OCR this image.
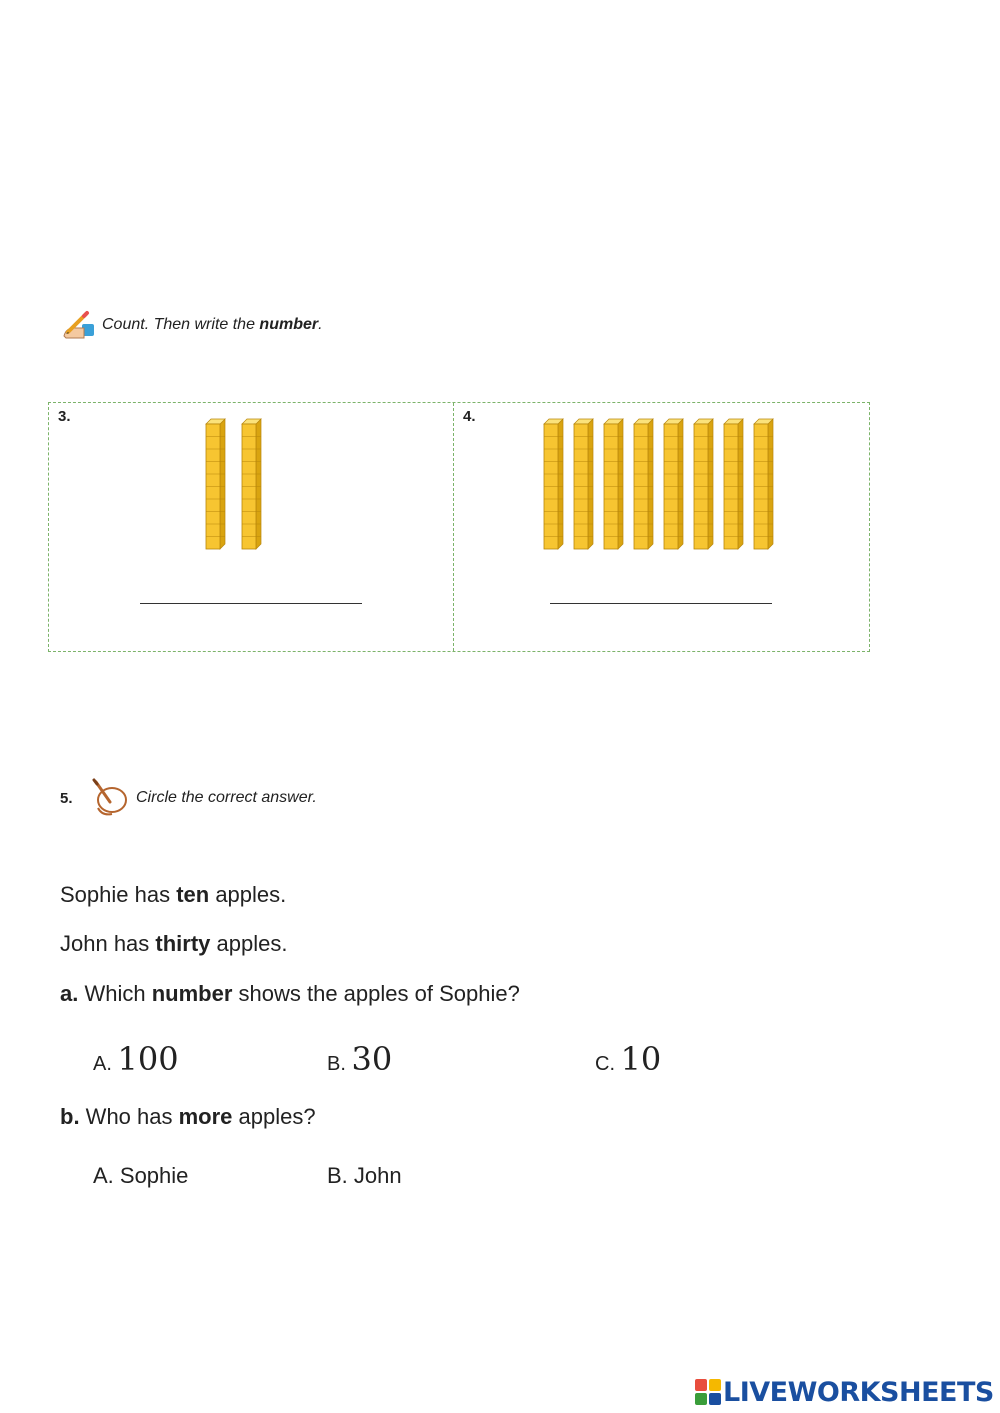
Count. Then write the number.
3.	4.
5.	Circle the correct answer.
Sophie has ten apples.
John has thirty apples.
a. Which number shows the apples of Sophie?
A. 100	B. 30	C. 10
b. Who has more apples?
A. Sophie	B. John
LIVEWORKSHEETS
